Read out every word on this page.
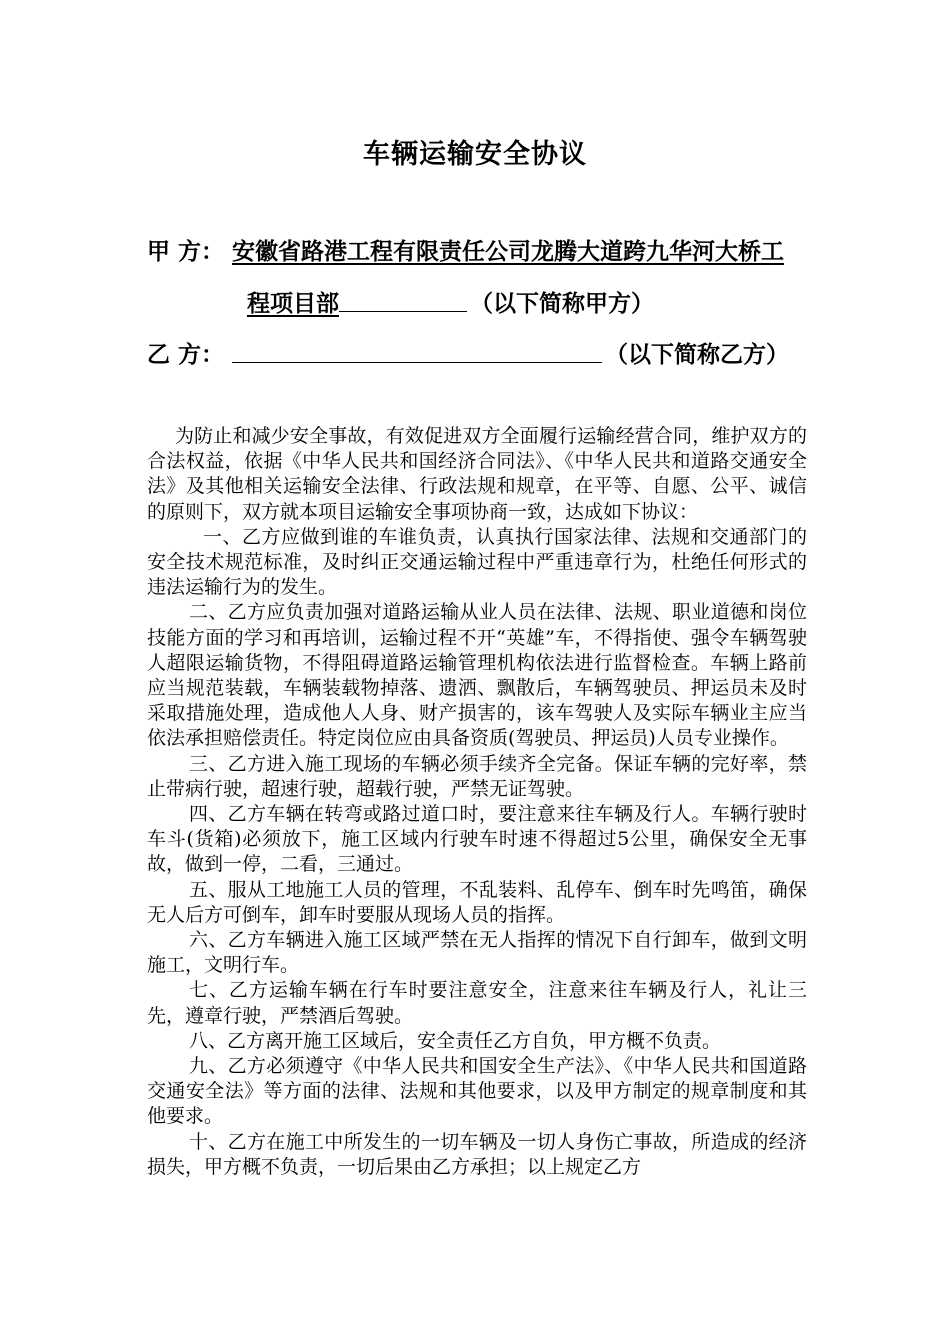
车辆运输安全协议
甲 方： 安徽省路港工程有限责任公司龙腾大道跨九华河大桥工
程项目部	（以下简称甲方）
乙 方：	（以下简称乙方）

为防止和减少安全事故，有效促进双方全面履行运输经营合同，维护双方的合法权益，依据《中华人民共和国经济合同法》、《中华人民共和道路交通安全法》及其他相关运输安全法律、行政法规和规章，在平等、自愿、公平、诚信的原则下，双方就本项目运输安全事项协商一致，达成如下协议：

一、乙方应做到谁的车谁负责，认真执行国家法律、法规和交通部门的安全技术规范标准，及时纠正交通运输过程中严重违章行为，杜绝任何形式的违法运输行为的发生。

二、乙方应负责加强对道路运输从业人员在法律、法规、职业道德和岗位技能方面的学习和再培训，运输过程不开“英雄”车，不得指使、强令车辆驾驶人超限运输货物，不得阻碍道路运输管理机构依法进行监督检查。车辆上路前应当规范装载，车辆装载物掉落、遗洒、飘散后，车辆驾驶员、押运员未及时采取措施处理，造成他人人身、财产损害的，该车驾驶人及实际车辆业主应当依法承担赔偿责任。特定岗位应由具备资质(驾驶员、押运员)人员专业操作。

三、乙方进入施工现场的车辆必须手续齐全完备。保证车辆的完好率，禁止带病行驶，超速行驶，超载行驶，严禁无证驾驶。

四、乙方车辆在转弯或路过道口时，要注意来往车辆及行人。车辆行驶时车斗(货箱)必须放下，施工区域内行驶车时速不得超过5公里，确保安全无事故，做到一停，二看，三通过。

五、服从工地施工人员的管理，不乱装料、乱停车、倒车时先鸣笛，确保无人后方可倒车，卸车时要服从现场人员的指挥。

六、乙方车辆进入施工区域严禁在无人指挥的情况下自行卸车，做到文明施工，文明行车。

七、乙方运输车辆在行车时要注意安全，注意来往车辆及行人，礼让三先，遵章行驶，严禁酒后驾驶。

八、乙方离开施工区域后，安全责任乙方自负，甲方概不负责。

九、乙方必须遵守《中华人民共和国安全生产法》、《中华人民共和国道路交通安全法》等方面的法律、法规和其他要求，以及甲方制定的规章制度和其他要求。

十、乙方在施工中所发生的一切车辆及一切人身伤亡事故，所造成的经济损失，甲方概不负责，一切后果由乙方承担；以上规定乙方
